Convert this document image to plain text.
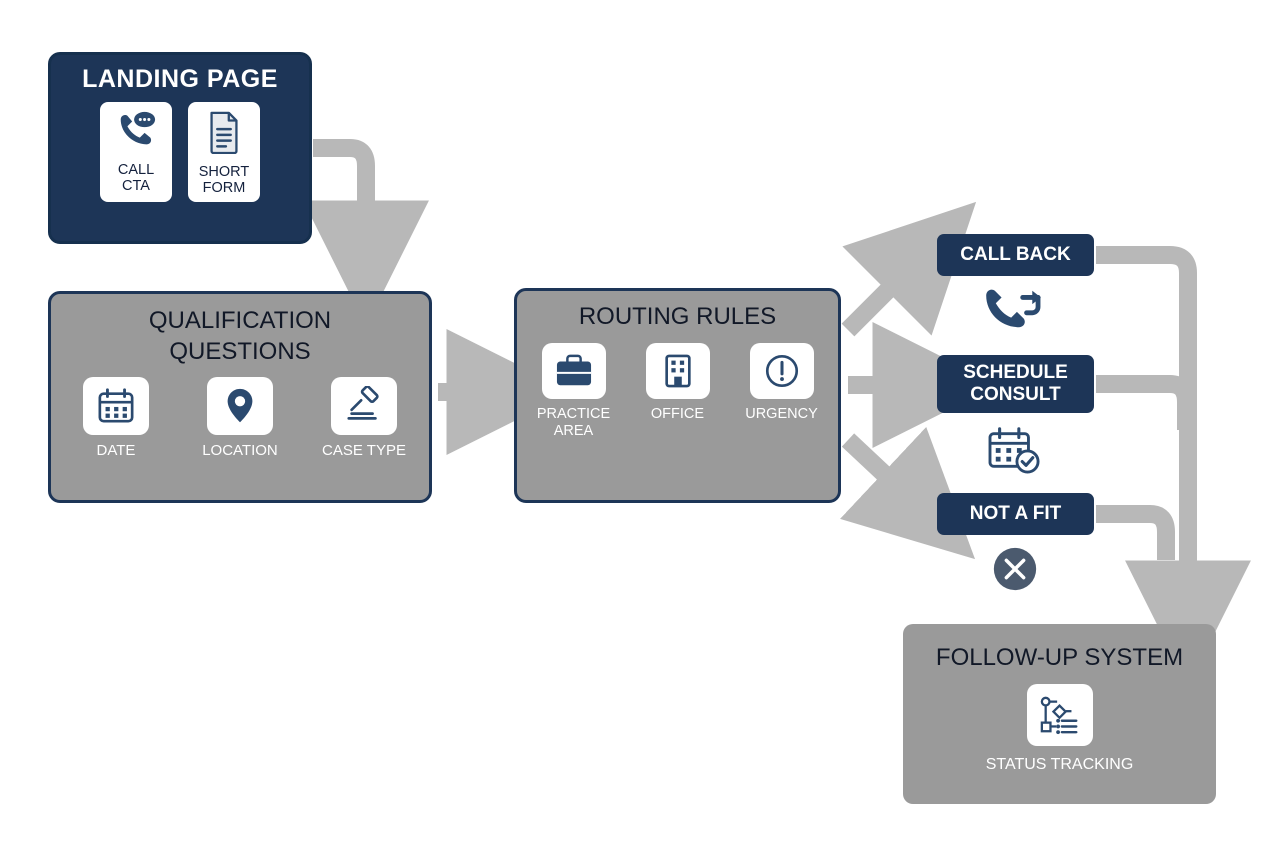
LANDING PAGE
CALL
CTA
SHORT
FORM
QUALIFICATION
QUESTIONS
DATE	LOCATION	CASE TYPE
ROUTING RULES
PRACTICE
AREA
OFFICE	URGENCY
CALL BACK
SCHEDULE
CONSULT
NOT A FIT
FOLLOW-UP SYSTEM
STATUS TRACKING
